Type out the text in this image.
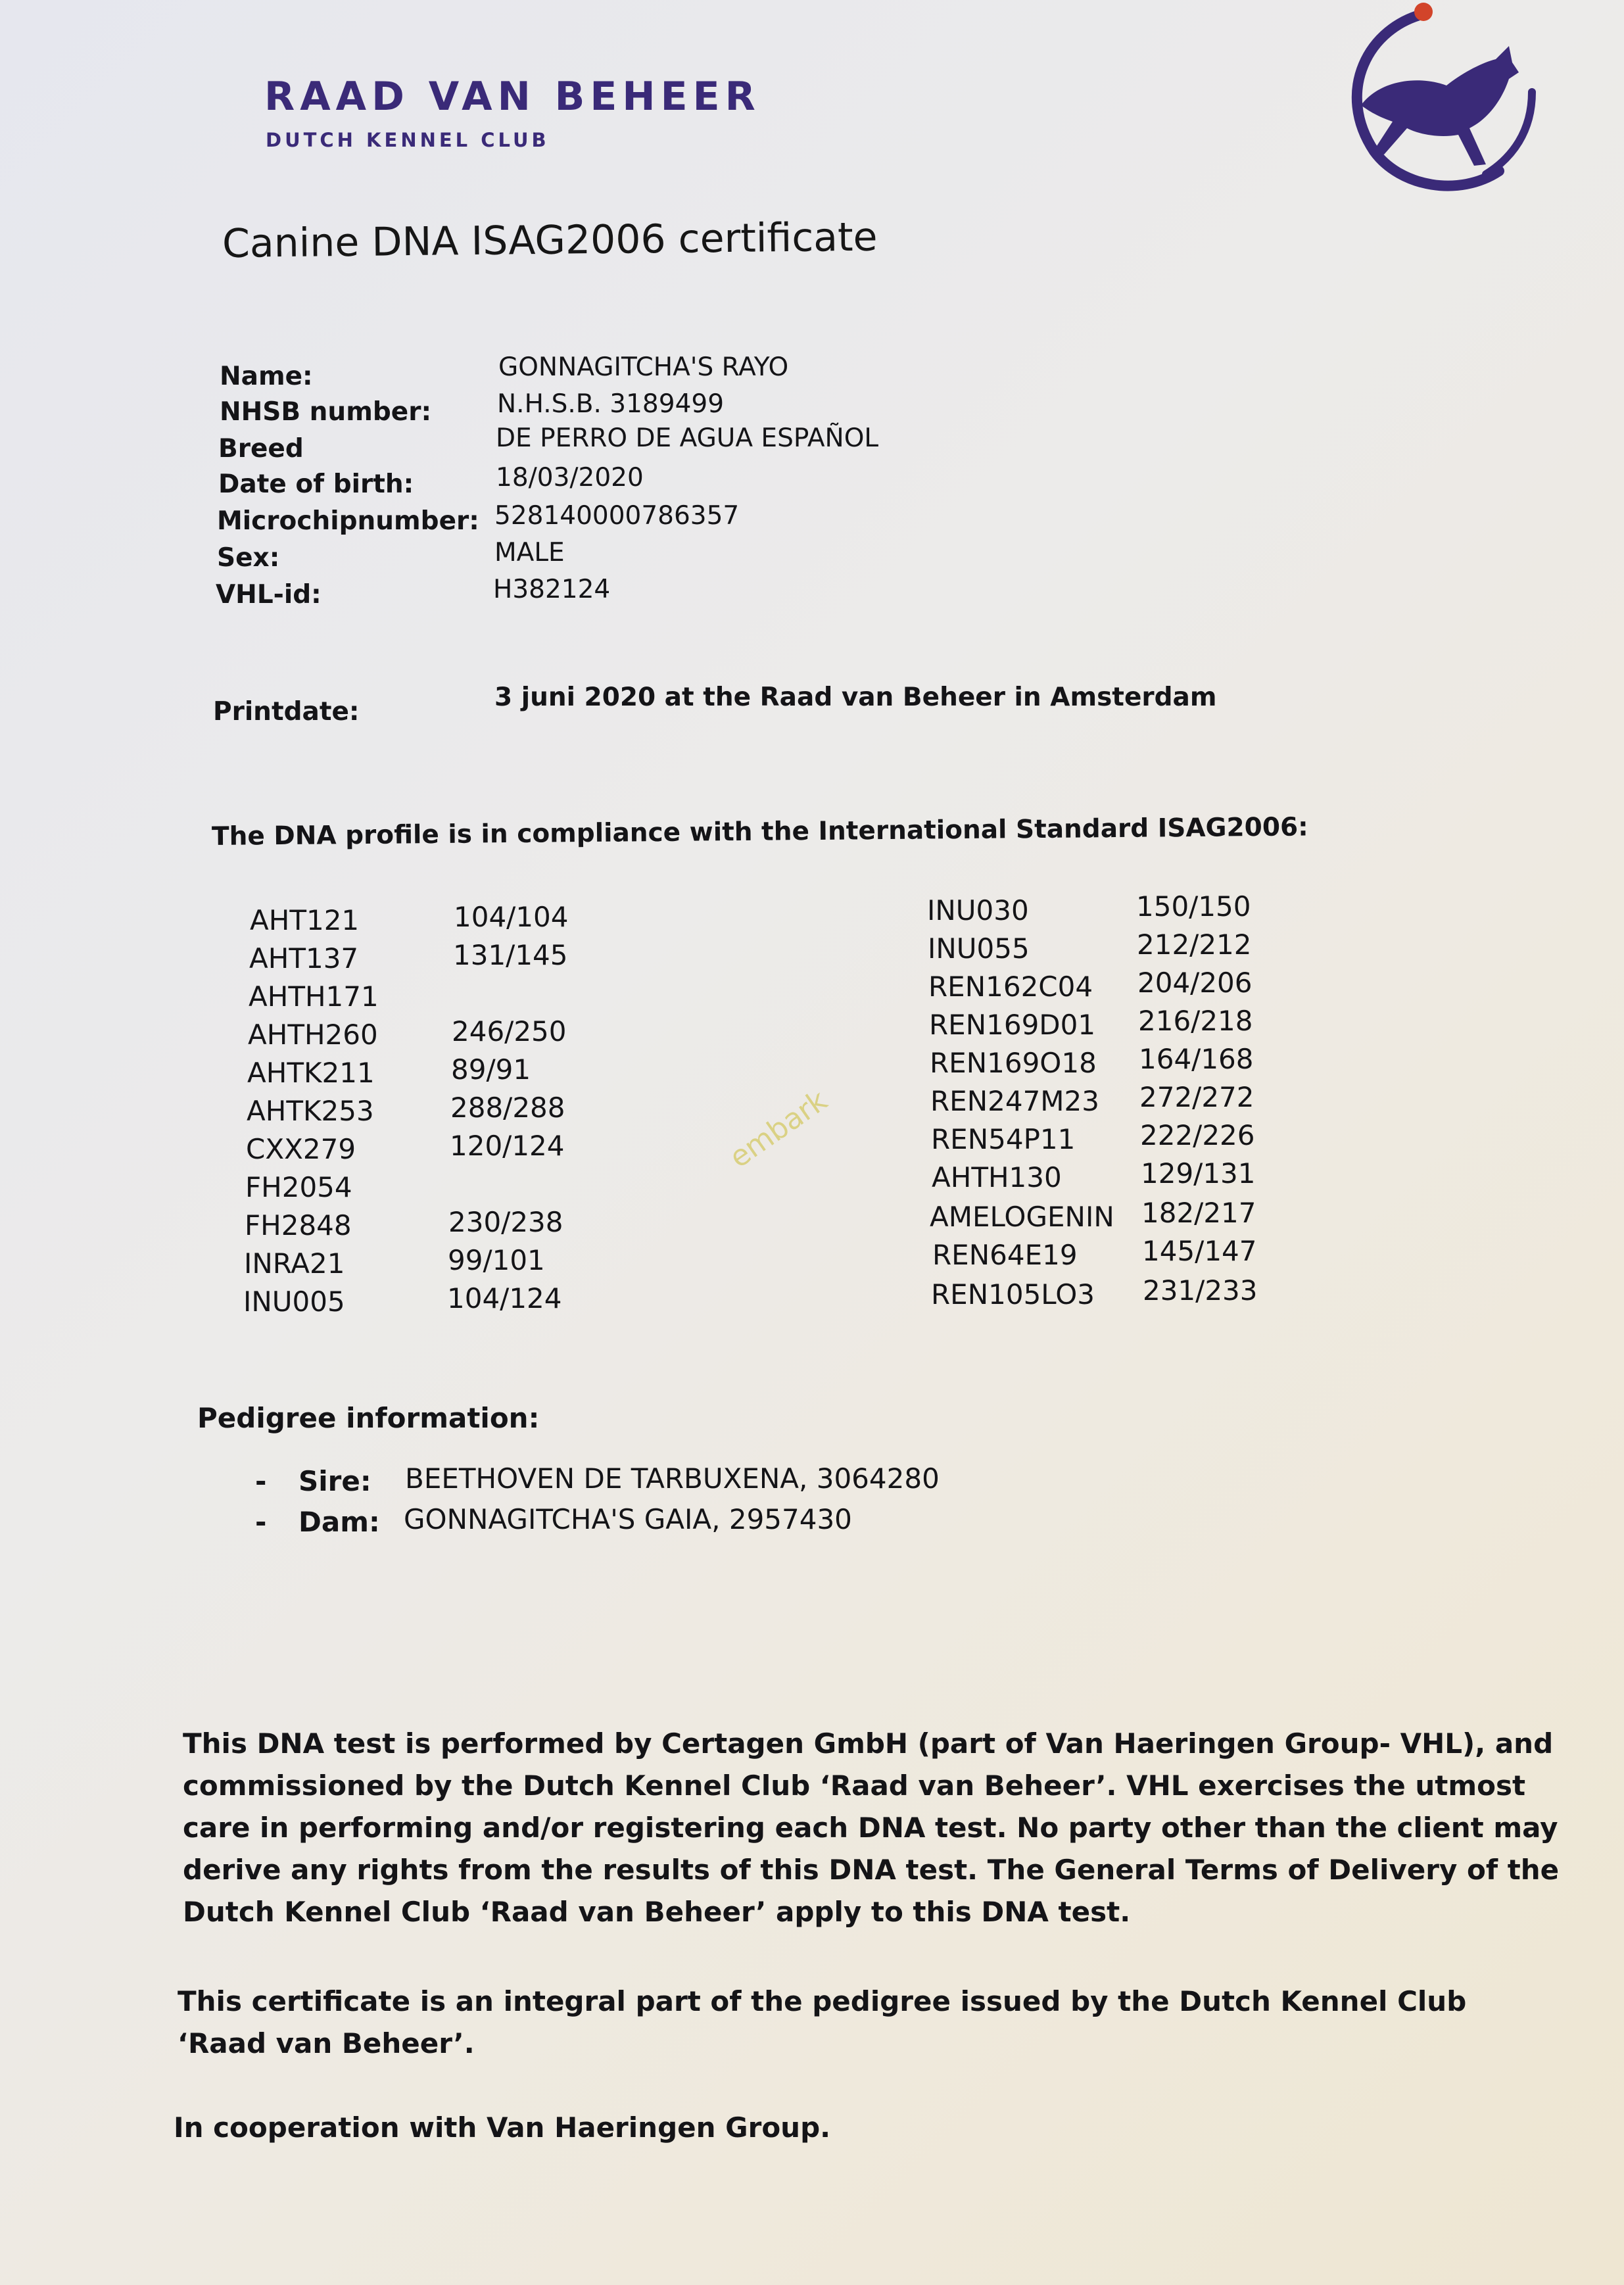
RAAD VAN BEHEER
DUTCH KENNEL CLUB
Canine DNA ISAG2006 certificate
Name:	GONNAGITCHA'S RAYO
NHSB number:	N.H.S.B. 3189499
Breed	DE PERRO DE AGUA ESPAÑOL
Date of birth:	18/03/2020
Microchipnumber: 528140000786357
Sex:	MALE
VHL-id:	H382124
Printdate:	3 juni 2020 at the Raad van Beheer in Amsterdam
The DNA profile is in compliance with the International Standard ISAG2006:
embark
AHT121	104/104
AHT137	131/145
AHTH171
AHTH260	246/250
AHTK211	89/91
AHTK253	288/288
CXX279	120/124
FH2054
FH2848	230/238
INRA21	99/101
INU005	104/124
INU030	150/150
INU055	212/212
REN162C04 204/206
REN169D01 216/218
REN169O18 164/168
REN247M23 272/272
REN54P11 222/226
AHTH130	129/131
AMELOGENIN 182/217
REN64E19 145/147
REN105LO3 231/233
Pedigree information:
- Sire: BEETHOVEN DE TARBUXENA, 3064280
- Dam: GONNAGITCHA'S GAIA, 2957430
This DNA test is performed by Certagen GmbH (part of Van Haeringen Group- VHL), and commissioned by the Dutch Kennel Club ‘Raad van Beheer’. VHL exercises the utmost care in performing and/or registering each DNA test. No party other than the client may derive any rights from the results of this DNA test. The General Terms of Delivery of the Dutch Kennel Club ‘Raad van Beheer’ apply to this DNA test.
This certificate is an integral part of the pedigree issued by the Dutch Kennel Club ‘Raad van Beheer’.
In cooperation with Van Haeringen Group.
